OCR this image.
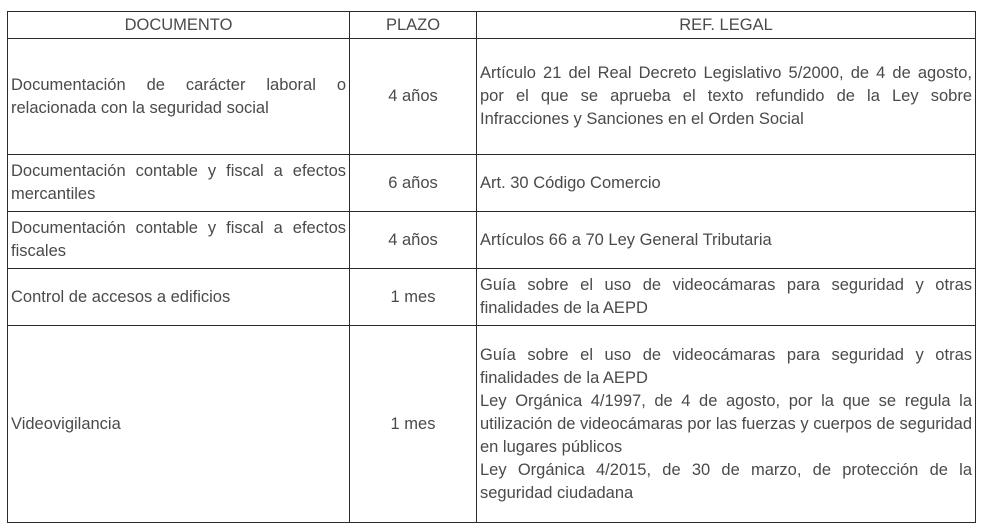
DOCUMENTO	PLAZO	REF. LEGAL
Documentación de carácter laboral o relacionada con la seguridad social	4 años	Artículo 21 del Real Decreto Legislativo 5/2000, de 4 de agosto, por el que se aprueba el texto refundido de la Ley sobre Infracciones y Sanciones en el Orden Social

Documentación contable y fiscal a efectos mercantiles	6 años	Art. 30 Código Comercio

Documentación contable y fiscal a efectos fiscales	4 años	Artículos 66 a 70 Ley General Tributaria

Control de accesos a edificios	1 mes	Guía sobre el uso de videocámaras para seguridad y otras finalidades de la AEPD

Videovigilancia	1 mes	Guía sobre el uso de videocámaras para seguridad y otras finalidades de la AEPD
Ley Orgánica 4/1997, de 4 de agosto, por la que se regula la utilización de videocámaras por las fuerzas y cuerpos de seguridad en lugares públicos
Ley Orgánica 4/2015, de 30 de marzo, de protección de la seguridad ciudadana
